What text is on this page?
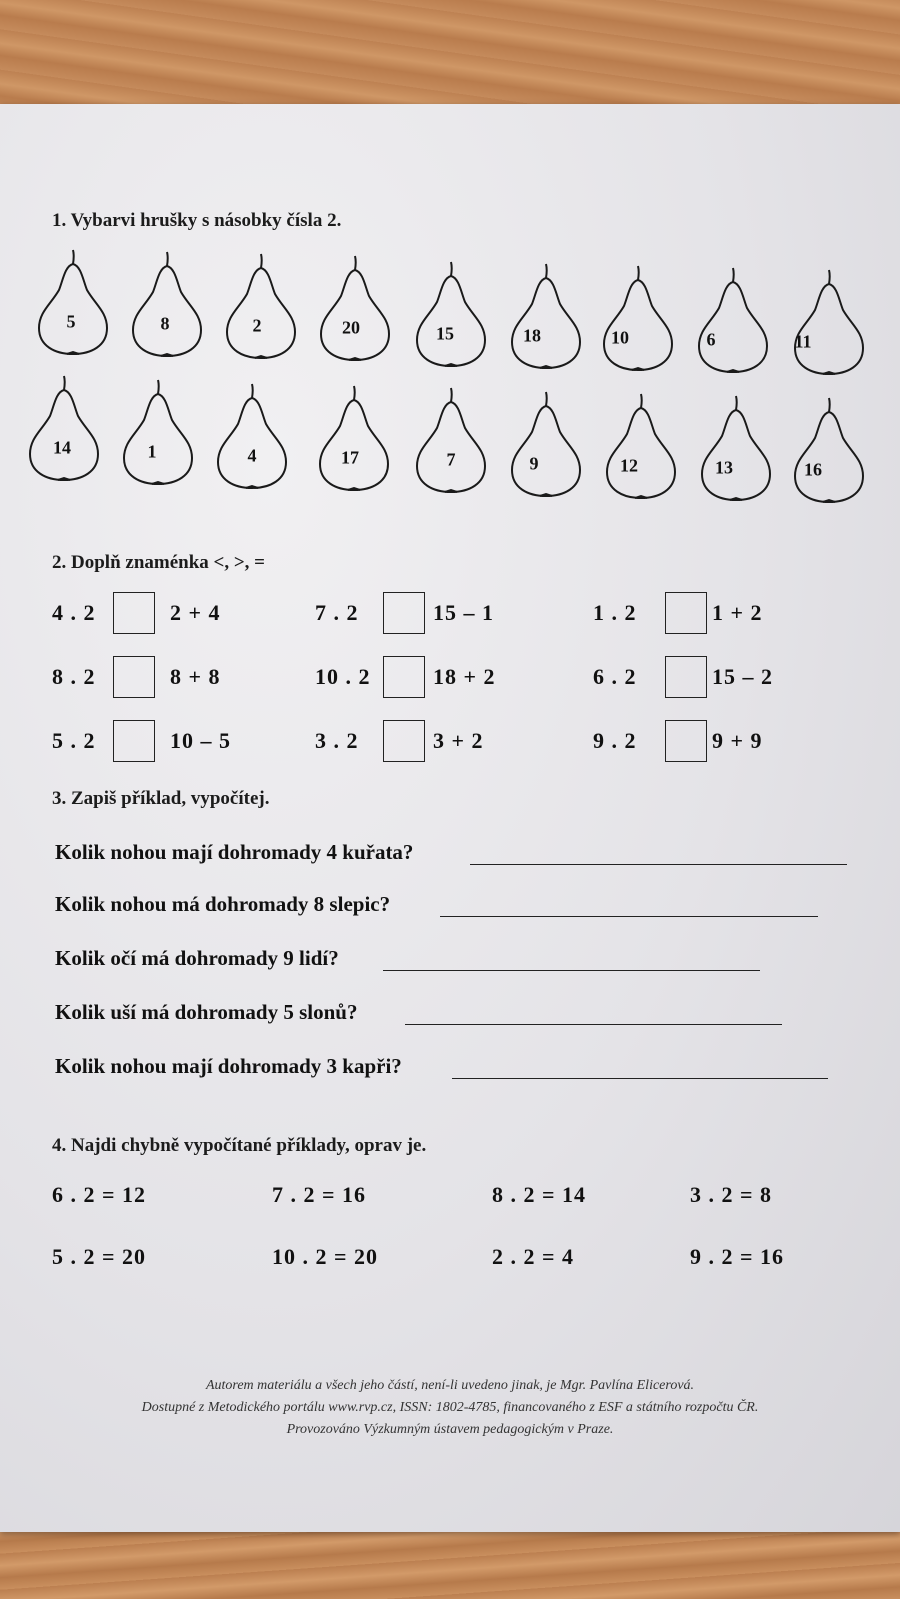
1. Vybarvi hrušky s násobky čísla 2.
5	8	2	20	15	18	10	6	11
14	1	4	17	7	9	12	13	16
2. Doplň znaménka <, >, =
4 . 2	2 + 4	7 . 2	15 – 1	1 . 2	1 + 2
8 . 2	8 + 8	10 . 2	18 + 2	6 . 2	15 – 2
5 . 2	10 – 5	3 . 2	3 + 2	9 . 2	9 + 9
3. Zapiš příklad, vypočítej.
Kolik nohou mají dohromady 4 kuřata?
Kolik nohou má dohromady 8 slepic?
Kolik očí má dohromady 9 lidí?
Kolik uší má dohromady 5 slonů?
Kolik nohou mají dohromady 3 kapři?
4. Najdi chybně vypočítané příklady, oprav je.
6 . 2 = 12	7 . 2 = 16	8 . 2 = 14	3 . 2 = 8
5 . 2 = 20	10 . 2 = 20	2 . 2 = 4	9 . 2 = 16
Autorem materiálu a všech jeho částí, není-li uvedeno jinak, je Mgr. Pavlína Elicerová.
Dostupné z Metodického portálu www.rvp.cz, ISSN: 1802-4785, financovaného z ESF a státního rozpočtu ČR.
Provozováno Výzkumným ústavem pedagogickým v Praze.
